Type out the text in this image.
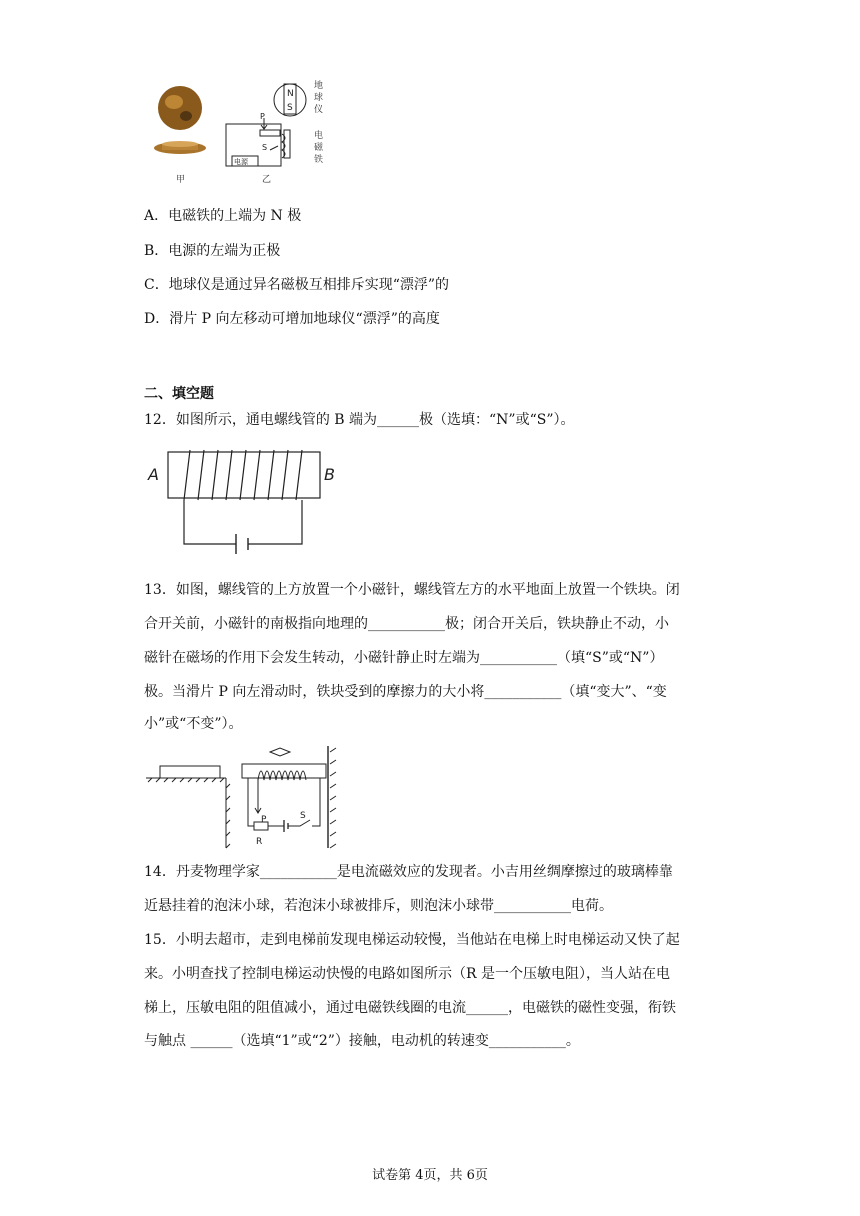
甲
N
S
P
S
电源
乙
地球仪
电磁铁
A．电磁铁的上端为 N 极
B．电源的左端为正极
C．地球仪是通过异名磁极互相排斥实现“漂浮”的
D．滑片 P 向左移动可增加地球仪“漂浮”的高度
二、填空题
12．如图所示，通电螺线管的 B 端为______极（选填：“N”或“S”）。
A	B
13．如图，螺线管的上方放置一个小磁针，螺线管左方的水平地面上放置一个铁块。闭
合开关前，小磁针的南极指向地理的___________极；闭合开关后，铁块静止不动，小
磁针在磁场的作用下会发生转动，小磁针静止时左端为___________（填“S”或“N”）
极。当滑片 P 向左滑动时，铁块受到的摩擦力的大小将___________（填“变大”、“变
小”或“不变”）。
P
R
S
14．丹麦物理学家___________是电流磁效应的发现者。小吉用丝绸摩擦过的玻璃棒靠
近悬挂着的泡沫小球，若泡沫小球被排斥，则泡沫小球带___________电荷。
15．小明去超市，走到电梯前发现电梯运动较慢，当他站在电梯上时电梯运动又快了起
来。小明查找了控制电梯运动快慢的电路如图所示（R 是一个压敏电阻），当人站在电
梯上，压敏电阻的阻值减小，通过电磁铁线圈的电流______，电磁铁的磁性变强，衔铁
与触点 ______（选填“1”或“2”）接触，电动机的转速变___________。
试卷第 4页，共 6页
